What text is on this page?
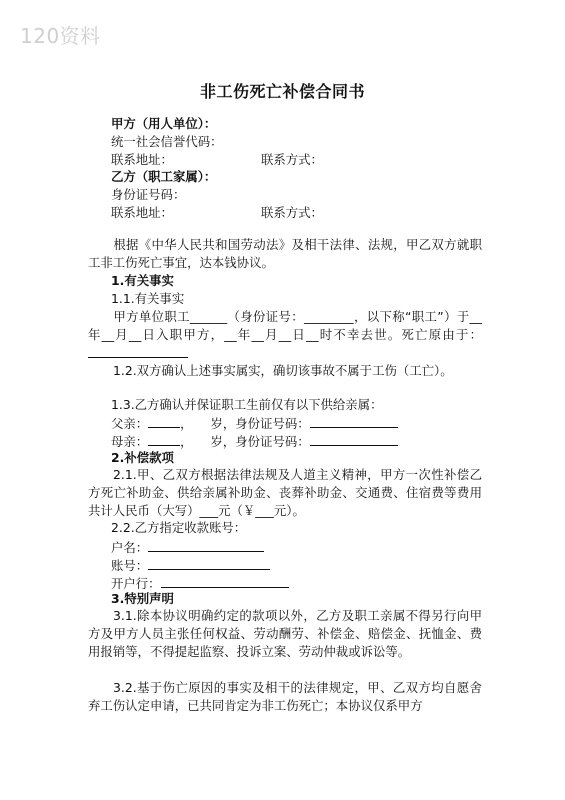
120资料
非工伤死亡补偿合同书
甲方（用人单位）：
统一社会信誉代码：
联系地址：	联系方式：
乙方（职工家属）：
身份证号码：
联系地址：	联系方式：
根据《中华人民共和国劳动法》及相干法律、法规，甲乙双方就职工非工伤死亡事宜，达本钱协议。
1.有关事实
1.1.有关事实
甲方单位职工______（身份证号：________，以下称“职工”）于__年__月__日入职甲方，__年__月__日__时不幸去世。死亡原由于：
1.2.双方确认上述事实属实，确切该事故不属于工伤（工亡）。
1.3.乙方确认并保证职工生前仅有以下供给亲属：
父亲：	， 岁，身份证号码：
母亲：	， 岁，身份证号码：
2.补偿款项
2.1.甲、乙双方根据法律法规及人道主义精神，甲方一次性补偿乙方死亡补助金、供给亲属补助金、丧葬补助金、交通费、住宿费等费用共计人民币（大写）___元（￥___元）。
2.2.乙方指定收款账号：
户名：
账号：
开户行：
3.特别声明
3.1.除本协议明确约定的款项以外，乙方及职工亲属不得另行向甲方及甲方人员主张任何权益、劳动酬劳、补偿金、赔偿金、抚恤金、费用报销等，不得提起监察、投诉立案、劳动仲裁或诉讼等。
3.2.基于伤亡原因的事实及相干的法律规定，甲、乙双方均自愿舍弃工伤认定申请，已共同肯定为非工伤死亡；本协议仅系甲方
